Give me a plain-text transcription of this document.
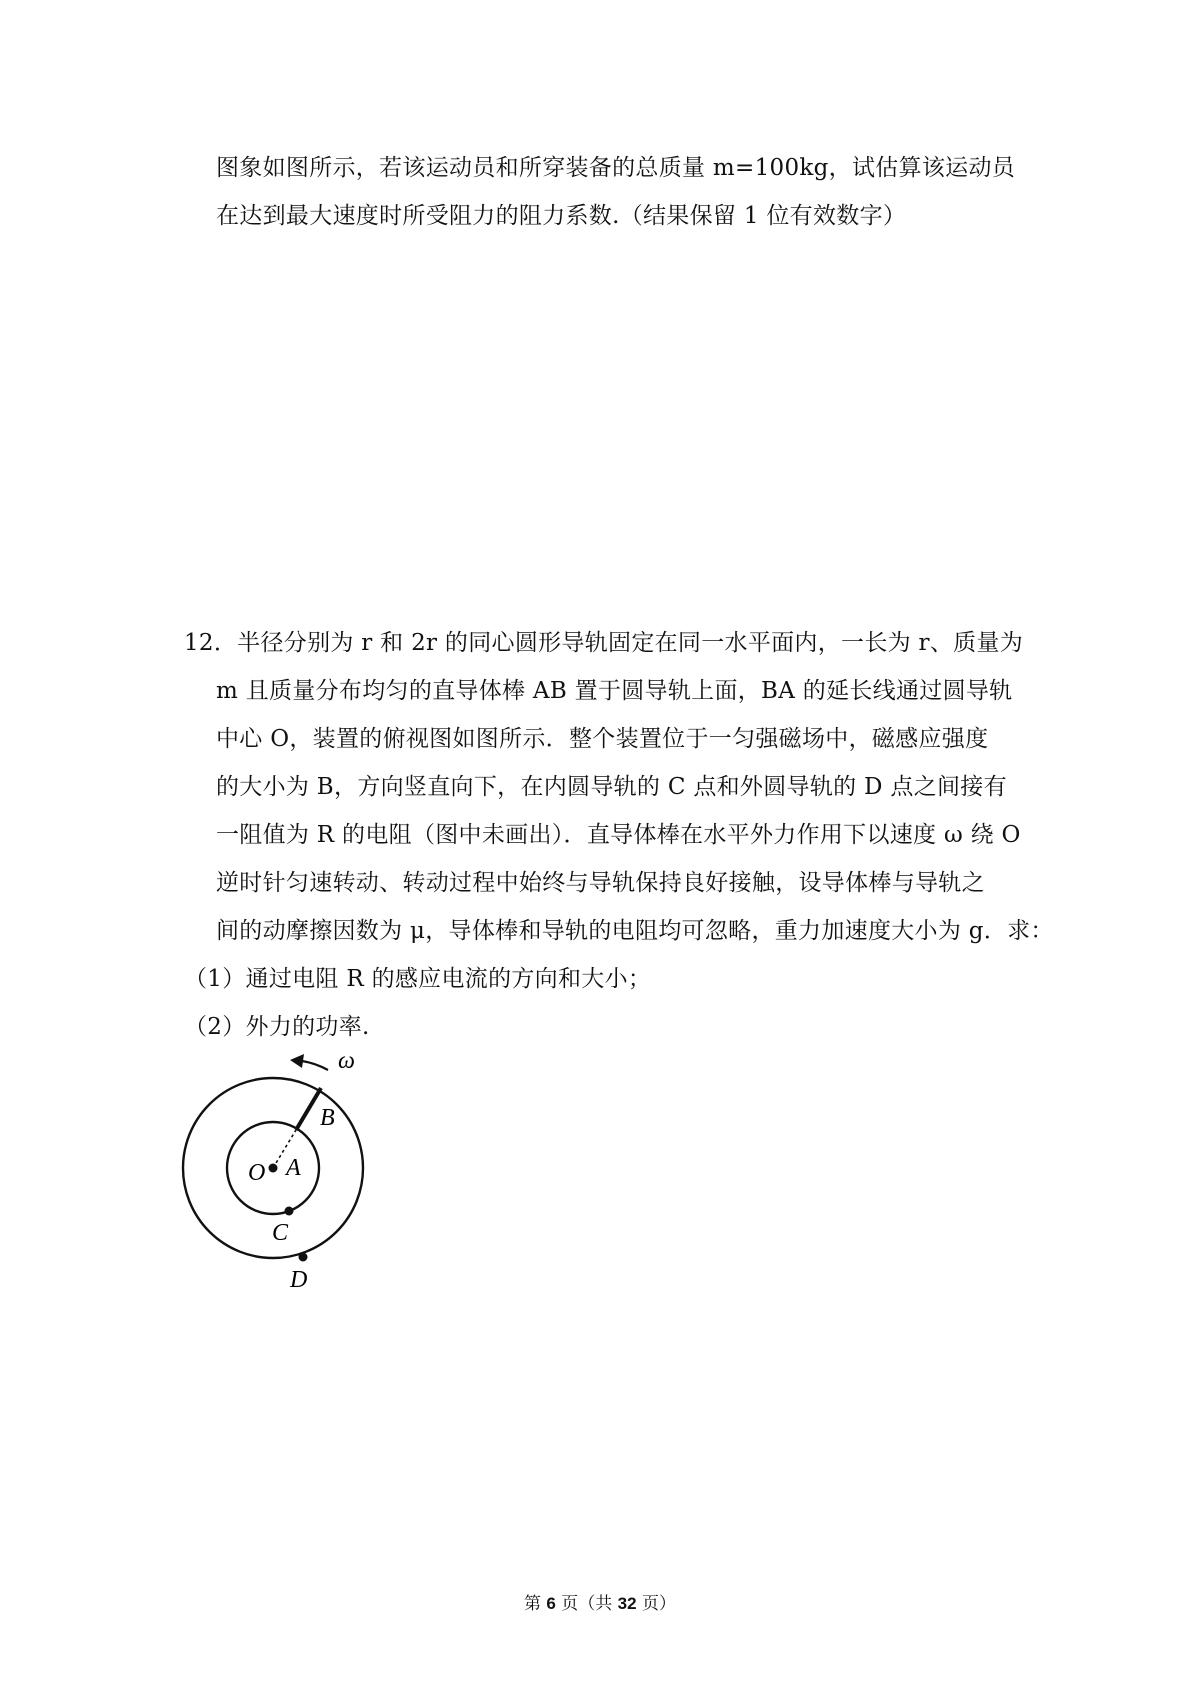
图象如图所示，若该运动员和所穿装备的总质量 m=100kg，试估算该运动员
在达到最大速度时所受阻力的阻力系数.（结果保留 1 位有效数字）
12．半径分别为 r 和 2r 的同心圆形导轨固定在同一水平面内，一长为 r、质量为
m 且质量分布均匀的直导体棒 AB 置于圆导轨上面，BA 的延长线通过圆导轨
中心 O，装置的俯视图如图所示．整个装置位于一匀强磁场中，磁感应强度
的大小为 B，方向竖直向下，在内圆导轨的 C 点和外圆导轨的 D 点之间接有
一阻值为 R 的电阻（图中未画出）．直导体棒在水平外力作用下以速度 ω 绕 O
逆时针匀速转动、转动过程中始终与导轨保持良好接触，设导体棒与导轨之
间的动摩擦因数为 μ，导体棒和导轨的电阻均可忽略，重力加速度大小为 g．求：
（1）通过电阻 R 的感应电流的方向和大小；
（2）外力的功率.
ω
B
O A
C
D
第 6 页（共 32 页）
